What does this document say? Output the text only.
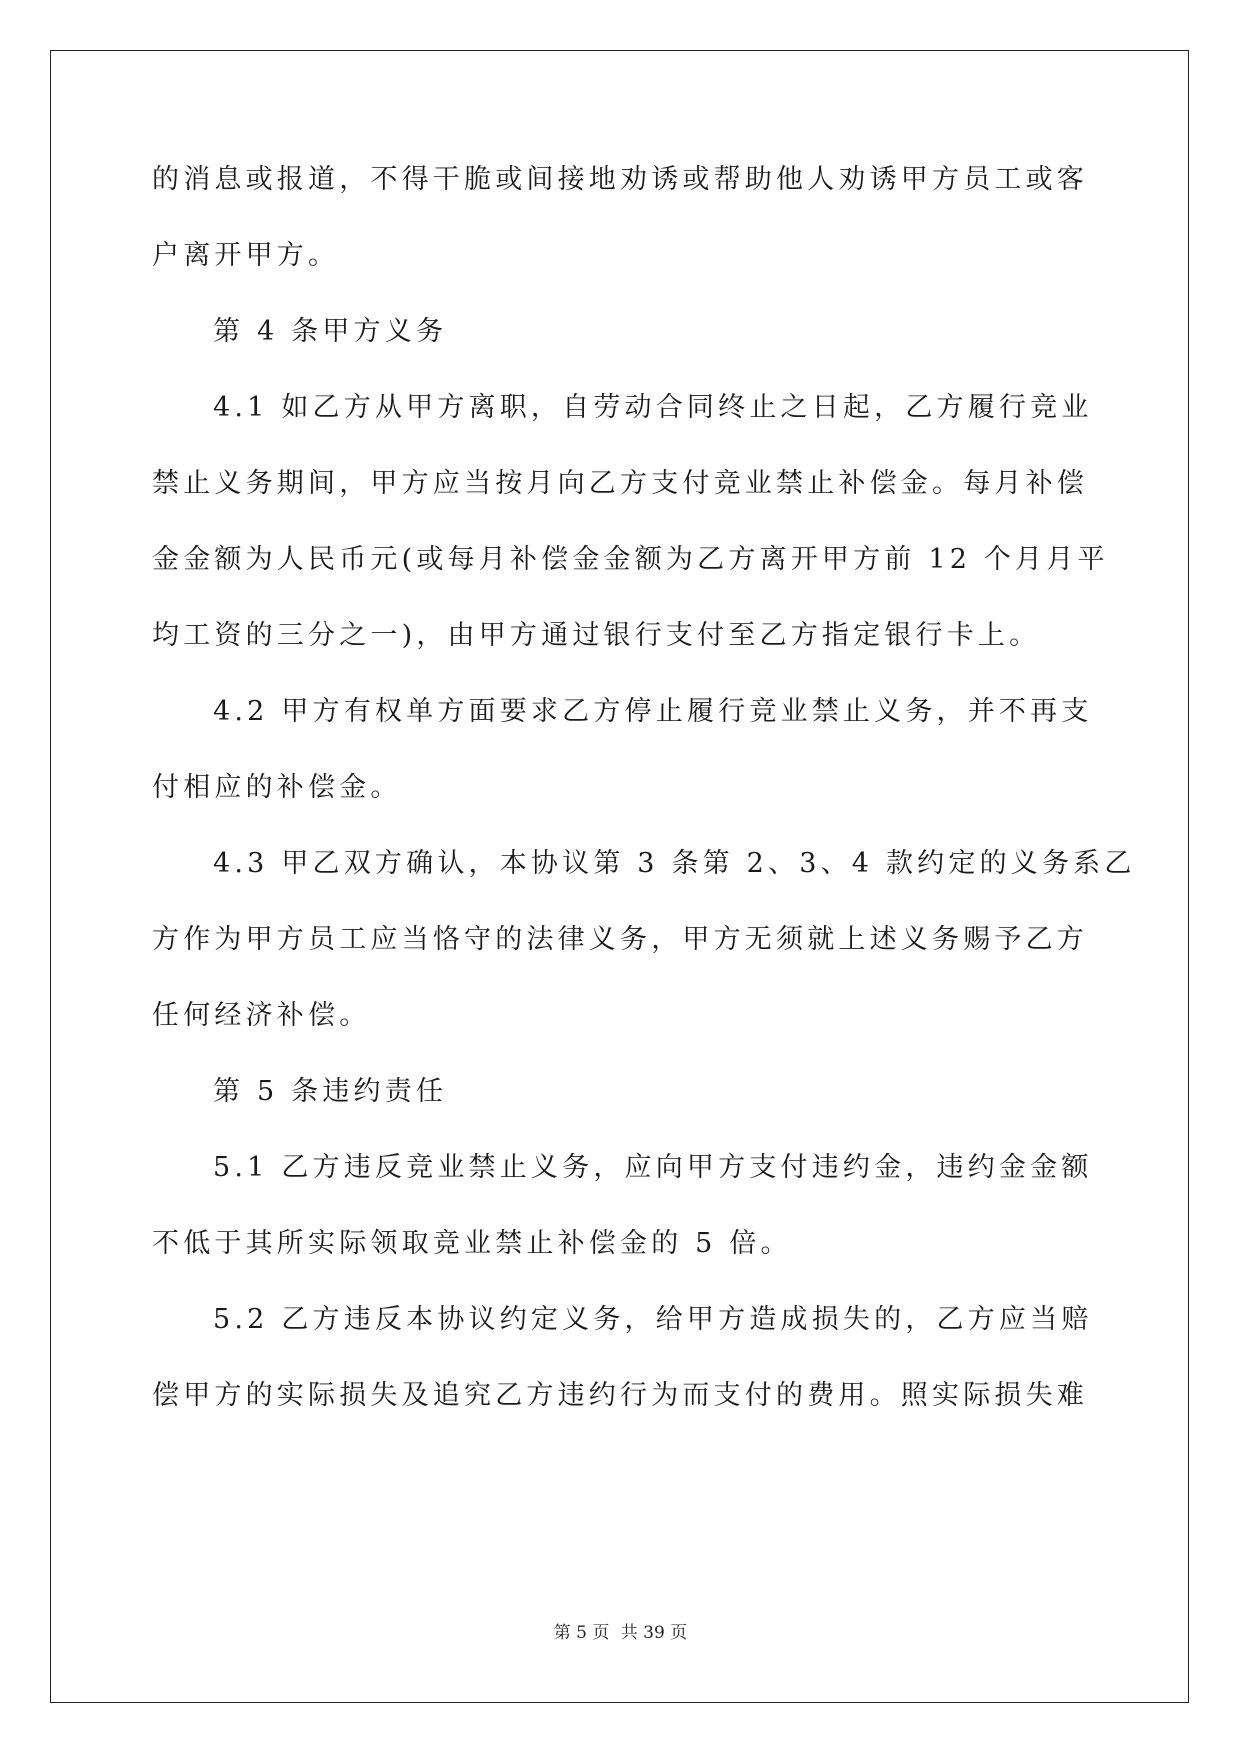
的消息或报道，不得干脆或间接地劝诱或帮助他人劝诱甲方员工或客
户离开甲方。
第 4 条甲方义务
4.1 如乙方从甲方离职，自劳动合同终止之日起，乙方履行竞业
禁止义务期间，甲方应当按月向乙方支付竞业禁止补偿金。每月补偿
金金额为人民币元(或每月补偿金金额为乙方离开甲方前 12 个月月平
均工资的三分之一)，由甲方通过银行支付至乙方指定银行卡上。
4.2 甲方有权单方面要求乙方停止履行竞业禁止义务，并不再支
付相应的补偿金。
4.3 甲乙双方确认，本协议第 3 条第 2、3、4 款约定的义务系乙
方作为甲方员工应当恪守的法律义务，甲方无须就上述义务赐予乙方
任何经济补偿。
第 5 条违约责任
5.1 乙方违反竞业禁止义务，应向甲方支付违约金，违约金金额
不低于其所实际领取竞业禁止补偿金的 5 倍。
5.2 乙方违反本协议约定义务，给甲方造成损失的，乙方应当赔
偿甲方的实际损失及追究乙方违约行为而支付的费用。照实际损失难
第 5 页 共 39 页
